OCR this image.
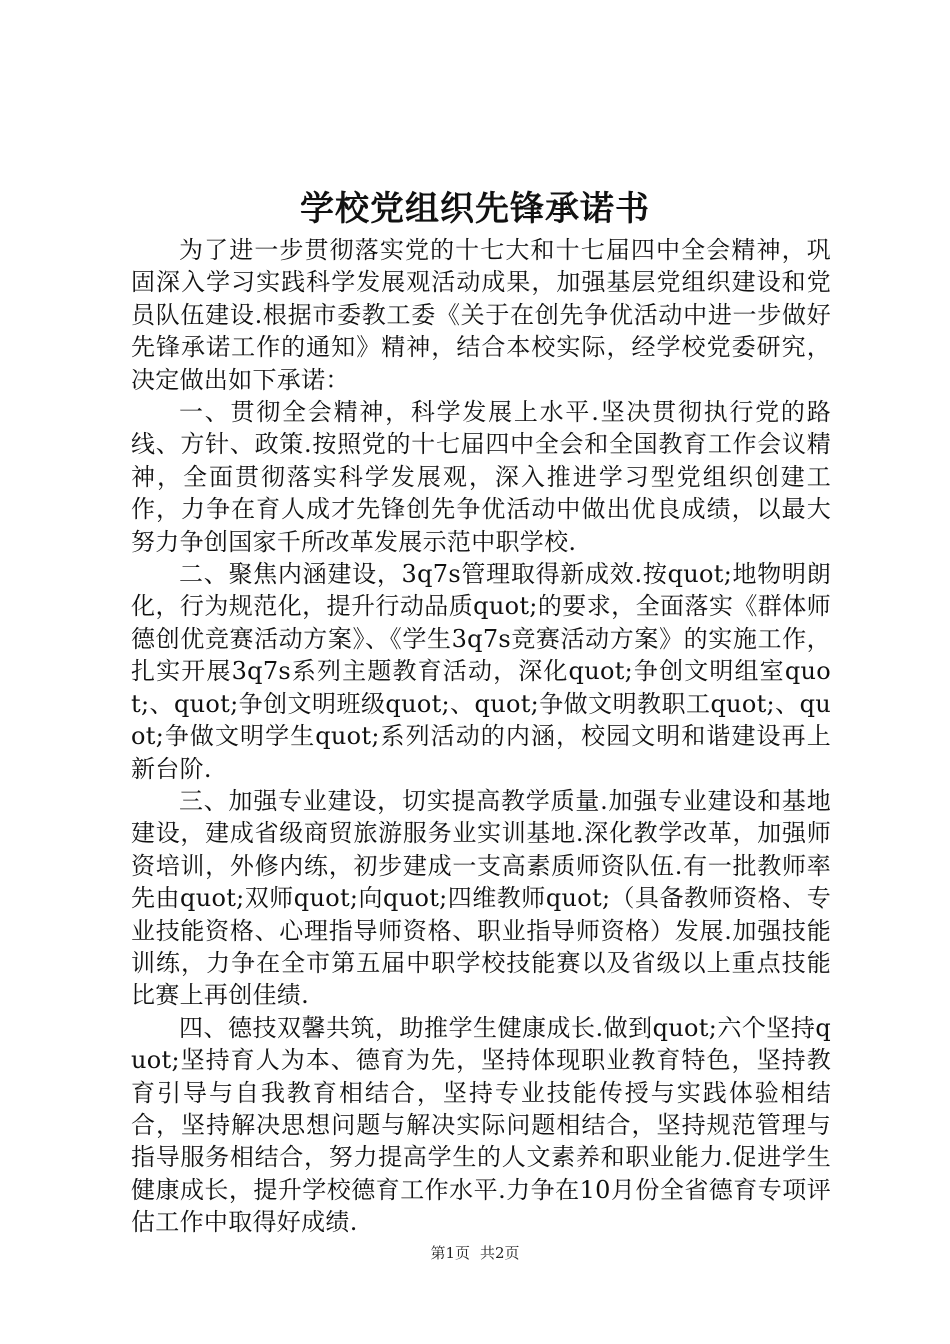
学校党组织先锋承诺书

为了进一步贯彻落实党的十七大和十七届四中全会精神，巩固深入学习实践科学发展观活动成果，加强基层党组织建设和党员队伍建设.根据市委教工委《关于在创先争优活动中进一步做好先锋承诺工作的通知》精神，结合本校实际，经学校党委研究，决定做出如下承诺：

一、贯彻全会精神，科学发展上水平.坚决贯彻执行党的路线、方针、政策.按照党的十七届四中全会和全国教育工作会议精神，全面贯彻落实科学发展观，深入推进学习型党组织创建工作，力争在育人成才先锋创先争优活动中做出优良成绩，以最大努力争创国家千所改革发展示范中职学校.

二、聚焦内涵建设，3q7s管理取得新成效.按quot;地物明朗化，行为规范化，提升行动品质quot;的要求，全面落实《群体师德创优竞赛活动方案》、《学生3q7s竞赛活动方案》的实施工作，扎实开展3q7s系列主题教育活动，深化quot;争创文明组室quot;、quot;争创文明班级quot;、quot;争做文明教职工quot;、quot;争做文明学生quot;系列活动的内涵，校园文明和谐建设再上新台阶.

三、加强专业建设，切实提高教学质量.加强专业建设和基地建设，建成省级商贸旅游服务业实训基地.深化教学改革，加强师资培训，外修内练，初步建成一支高素质师资队伍.有一批教师率先由quot;双师quot;向quot;四维教师quot;（具备教师资格、专业技能资格、心理指导师资格、职业指导师资格）发展.加强技能训练，力争在全市第五届中职学校技能赛以及省级以上重点技能比赛上再创佳绩.

四、德技双馨共筑，助推学生健康成长.做到quot;六个坚持quot;坚持育人为本、德育为先，坚持体现职业教育特色，坚持教育引导与自我教育相结合，坚持专业技能传授与实践体验相结合，坚持解决思想问题与解决实际问题相结合，坚持规范管理与指导服务相结合，努力提高学生的人文素养和职业能力.促进学生健康成长，提升学校德育工作水平.力争在10月份全省德育专项评估工作中取得好成绩.

第1页 共2页
